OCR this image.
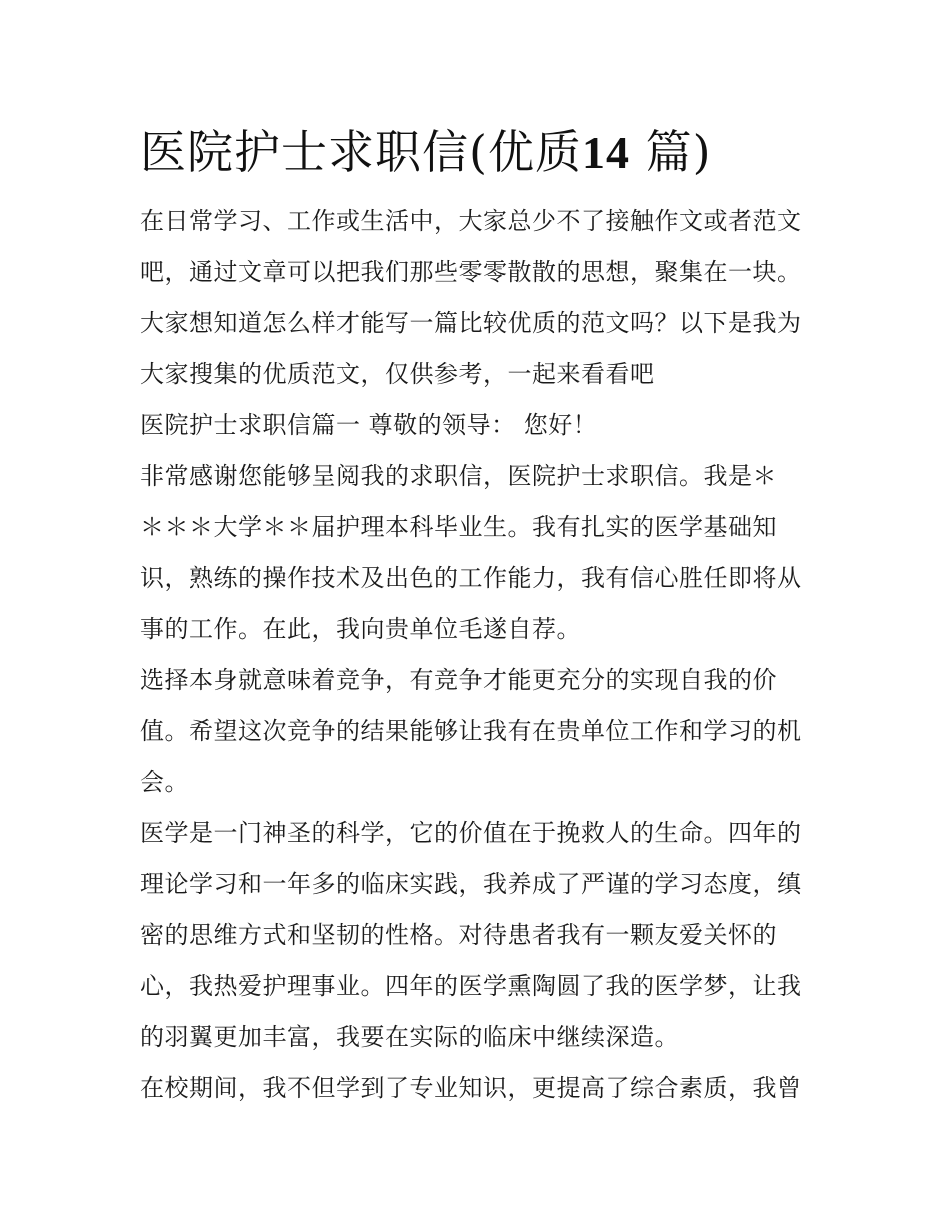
医院护士求职信(优质14 篇)
在日常学习、工作或生活中，大家总少不了接触作文或者范文
吧，通过文章可以把我们那些零零散散的思想，聚集在一块。
大家想知道怎么样才能写一篇比较优质的范文吗？以下是我为
大家搜集的优质范文，仅供参考，一起来看看吧
医院护士求职信篇一 尊敬的领导： 您好！
非常感谢您能够呈阅我的求职信，医院护士求职信。我是＊
＊＊＊大学＊＊届护理本科毕业生。我有扎实的医学基础知
识，熟练的操作技术及出色的工作能力，我有信心胜任即将从
事的工作。在此，我向贵单位毛遂自荐。
选择本身就意味着竞争，有竞争才能更充分的实现自我的价
值。希望这次竞争的结果能够让我有在贵单位工作和学习的机
会。
医学是一门神圣的科学，它的价值在于挽救人的生命。四年的
理论学习和一年多的临床实践，我养成了严谨的学习态度，缜
密的思维方式和坚韧的性格。对待患者我有一颗友爱关怀的
心，我热爱护理事业。四年的医学熏陶圆了我的医学梦，让我
的羽翼更加丰富，我要在实际的临床中继续深造。
在校期间，我不但学到了专业知识，更提高了综合素质，我曾
